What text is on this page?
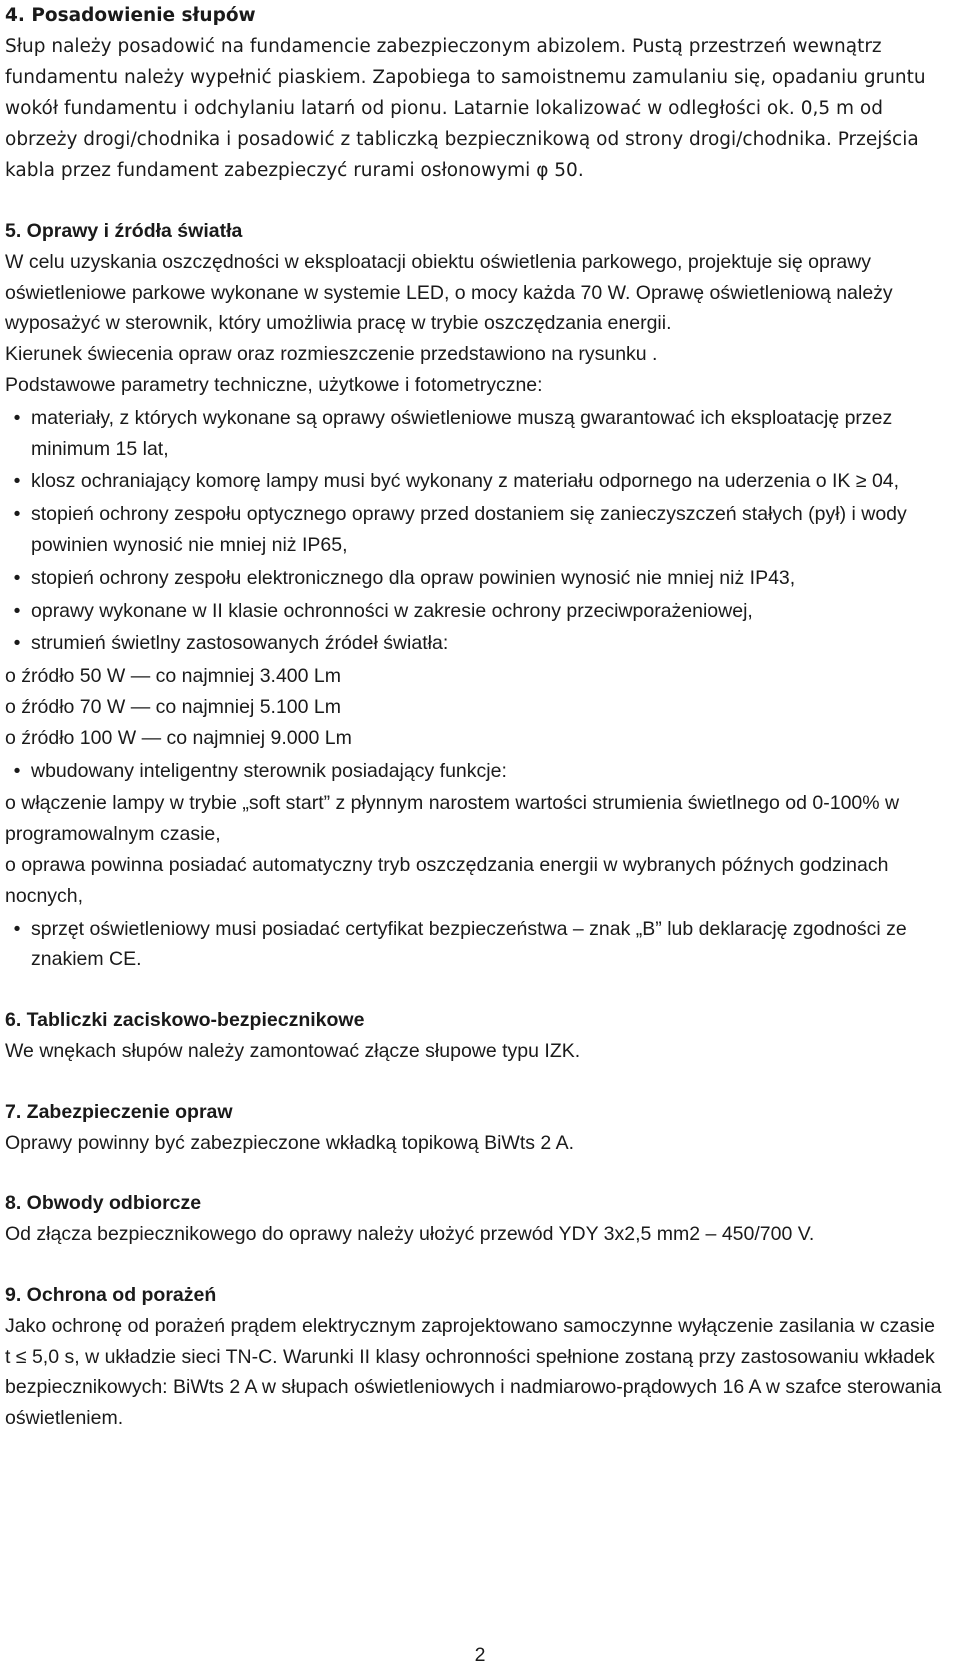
4. Posadowienie słupów

Słup należy posadowić na fundamencie zabezpieczonym abizolem. Pustą przestrzeń wewnątrz fundamentu należy wypełnić piaskiem. Zapobiega to samoistnemu zamulaniu się, opadaniu gruntu wokół fundamentu i odchylaniu latarń od pionu. Latarnie lokalizować w odległości ok. 0,5 m od obrzeży drogi/chodnika i posadowić z tabliczką bezpiecznikową od strony drogi/chodnika. Przejścia kabla przez fundament zabezpieczyć rurami osłonowymi φ 50.

5. Oprawy i źródła światła

W celu uzyskania oszczędności w eksploatacji obiektu oświetlenia parkowego, projektuje się oprawy oświetleniowe parkowe wykonane w systemie LED, o mocy każda 70 W. Oprawę oświetleniową należy wyposażyć w sterownik, który umożliwia pracę w trybie oszczędzania energii.

Kierunek świecenia opraw oraz rozmieszczenie przedstawiono na rysunku .

Podstawowe parametry techniczne, użytkowe i fotometryczne:

• materiały, z których wykonane są oprawy oświetleniowe muszą gwarantować ich eksploatację przez minimum 15 lat,

• klosz ochraniający komorę lampy musi być wykonany z materiału odpornego na uderzenia o IK ≥ 04,

• stopień ochrony zespołu optycznego oprawy przed dostaniem się zanieczyszczeń stałych (pył) i wody powinien wynosić nie mniej niż IP65,

• stopień ochrony zespołu elektronicznego dla opraw powinien wynosić nie mniej niż IP43,

• oprawy wykonane w II klasie ochronności w zakresie ochrony przeciwporażeniowej,

• strumień świetlny zastosowanych źródeł światła:

o źródło 50 W — co najmniej 3.400 Lm

o źródło 70 W — co najmniej 5.100 Lm

o źródło 100 W — co najmniej 9.000 Lm

• wbudowany inteligentny sterownik posiadający funkcje:

o włączenie lampy w trybie „soft start” z płynnym narostem wartości strumienia świetlnego od 0-100% w programowalnym czasie,

o oprawa powinna posiadać automatyczny tryb oszczędzania energii w wybranych późnych godzinach nocnych,

• sprzęt oświetleniowy musi posiadać certyfikat bezpieczeństwa – znak „B” lub deklarację zgodności ze znakiem CE.

6. Tabliczki zaciskowo-bezpiecznikowe

We wnękach słupów należy zamontować złącze słupowe typu IZK.

7. Zabezpieczenie opraw

Oprawy powinny być zabezpieczone wkładką topikową BiWts 2 A.

8. Obwody odbiorcze

Od złącza bezpiecznikowego do oprawy należy ułożyć przewód YDY 3x2,5 mm2 – 450/700 V.

9. Ochrona od porażeń

Jako ochronę od porażeń prądem elektrycznym zaprojektowano samoczynne wyłączenie zasilania w czasie t ≤ 5,0 s, w układzie sieci TN-C. Warunki II klasy ochronności spełnione zostaną przy zastosowaniu wkładek bezpiecznikowych: BiWts 2 A w słupach oświetleniowych i nadmiarowo-prądowych 16 A w szafce sterowania oświetleniem.

2
